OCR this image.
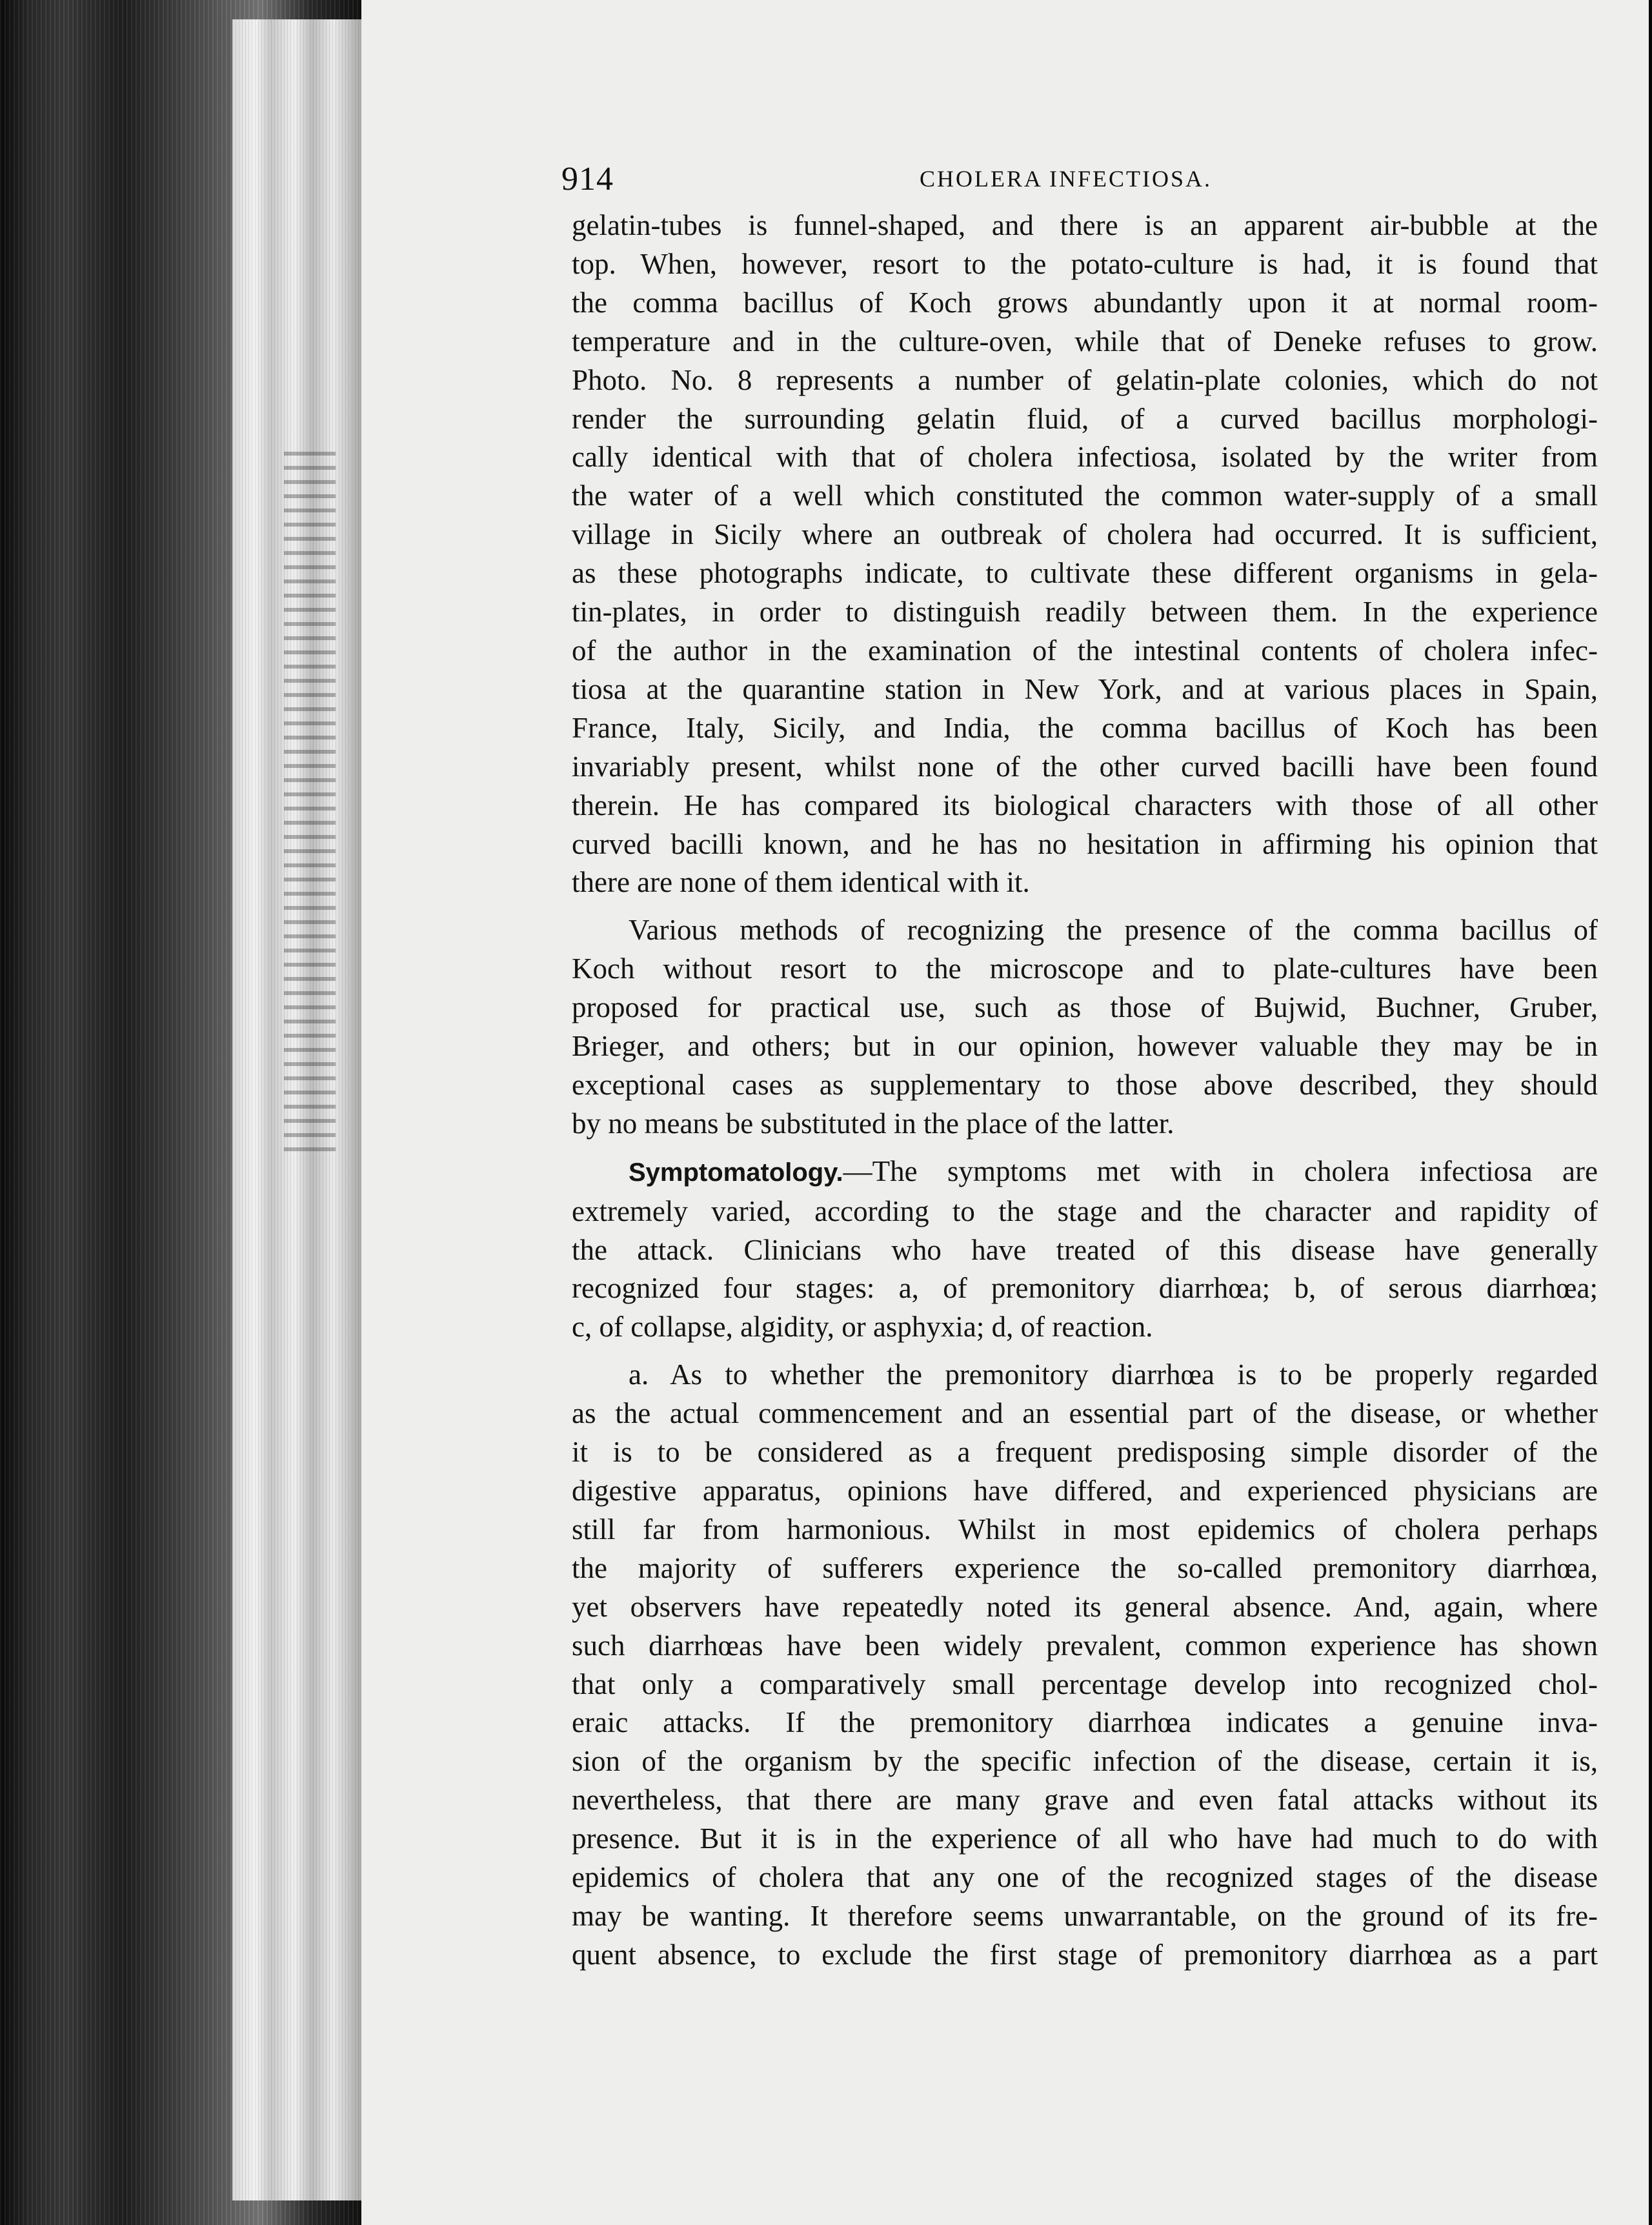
914	CHOLERA INFECTIOSA.
gelatin-tubes is funnel-shaped, and there is an apparent air-bubble at the
top. When, however, resort to the potato-culture is had, it is found that
the comma bacillus of Koch grows abundantly upon it at normal room-
temperature and in the culture-oven, while that of Deneke refuses to grow.
Photo. No. 8 represents a number of gelatin-plate colonies, which do not
render the surrounding gelatin fluid, of a curved bacillus morphologi-
cally identical with that of cholera infectiosa, isolated by the writer from
the water of a well which constituted the common water-supply of a small
village in Sicily where an outbreak of cholera had occurred. It is sufficient,
as these photographs indicate, to cultivate these different organisms in gela-
tin-plates, in order to distinguish readily between them. In the experience
of the author in the examination of the intestinal contents of cholera infec-
tiosa at the quarantine station in New York, and at various places in Spain,
France, Italy, Sicily, and India, the comma bacillus of Koch has been
invariably present, whilst none of the other curved bacilli have been found
therein. He has compared its biological characters with those of all other
curved bacilli known, and he has no hesitation in affirming his opinion that
there are none of them identical with it.
Various methods of recognizing the presence of the comma bacillus of
Koch without resort to the microscope and to plate-cultures have been
proposed for practical use, such as those of Bujwid, Buchner, Gruber,
Brieger, and others; but in our opinion, however valuable they may be in
exceptional cases as supplementary to those above described, they should
by no means be substituted in the place of the latter.
Symptomatology.—The symptoms met with in cholera infectiosa are
extremely varied, according to the stage and the character and rapidity of
the attack. Clinicians who have treated of this disease have generally
recognized four stages: a, of premonitory diarrhœa; b, of serous diarrhœa;
c, of collapse, algidity, or asphyxia; d, of reaction.
a. As to whether the premonitory diarrhœa is to be properly regarded
as the actual commencement and an essential part of the disease, or whether
it is to be considered as a frequent predisposing simple disorder of the
digestive apparatus, opinions have differed, and experienced physicians are
still far from harmonious. Whilst in most epidemics of cholera perhaps
the majority of sufferers experience the so-called premonitory diarrhœa,
yet observers have repeatedly noted its general absence. And, again, where
such diarrhœas have been widely prevalent, common experience has shown
that only a comparatively small percentage develop into recognized chol-
eraic attacks. If the premonitory diarrhœa indicates a genuine inva-
sion of the organism by the specific infection of the disease, certain it is,
nevertheless, that there are many grave and even fatal attacks without its
presence. But it is in the experience of all who have had much to do with
epidemics of cholera that any one of the recognized stages of the disease
may be wanting. It therefore seems unwarrantable, on the ground of its fre-
quent absence, to exclude the first stage of premonitory diarrhœa as a part
